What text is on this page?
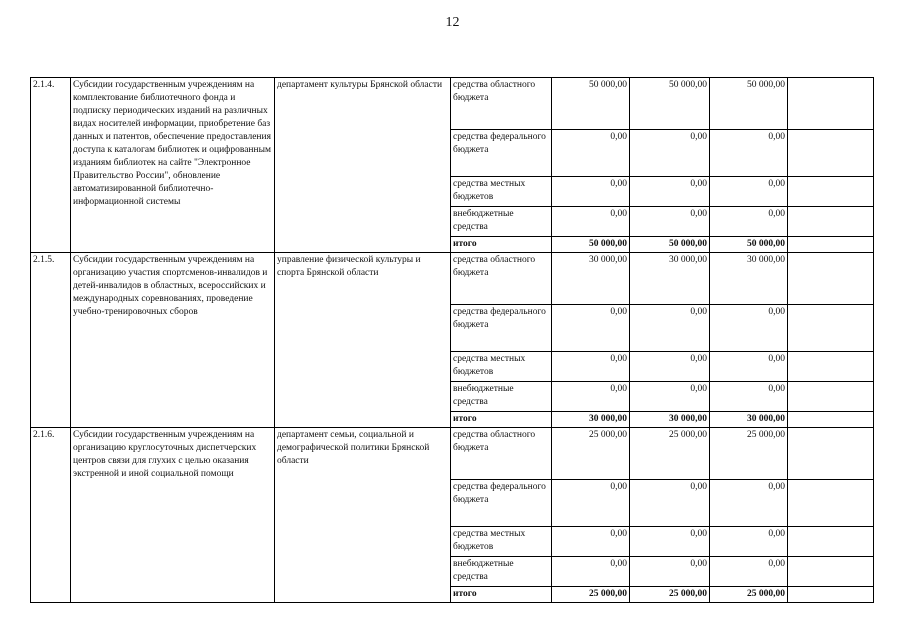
12
2.1.4.	Субсидии государственным учреждениям на комплектование библиотечного фонда и подписку периодических изданий на различных видах носителей информации, приобретение баз данных и патентов, обеспечение предоставления доступа к каталогам библиотек и оцифрованным изданиям библиотек на сайте "Электронное Правительство России", обновление автоматизированной библиотечно-информационной системы	департамент культуры Брянской области	средства областного бюджета	50 000,00	50 000,00	50 000,00	
			средства федерального бюджета	0,00	0,00	0,00	
			средства местных бюджетов	0,00	0,00	0,00	
			внебюджетные средства	0,00	0,00	0,00	
			итого	50 000,00	50 000,00	50 000,00	
2.1.5.	Субсидии государственным учреждениям на организацию участия спортсменов-инвалидов и детей-инвалидов в областных, всероссийских и международных соревнованиях, проведение учебно-тренировочных сборов	управление физической культуры и спорта Брянской области	средства областного бюджета	30 000,00	30 000,00	30 000,00	
			средства федерального бюджета	0,00	0,00	0,00	
			средства местных бюджетов	0,00	0,00	0,00	
			внебюджетные средства	0,00	0,00	0,00	
			итого	30 000,00	30 000,00	30 000,00	
2.1.6.	Субсидии государственным учреждениям на организацию круглосуточных диспетчерских центров связи для глухих с целью оказания экстренной и иной социальной помощи	департамент семьи, социальной и демографической политики Брянской области	средства областного бюджета	25 000,00	25 000,00	25 000,00	
			средства федерального бюджета	0,00	0,00	0,00	
			средства местных бюджетов	0,00	0,00	0,00	
			внебюджетные средства	0,00	0,00	0,00	
			итого	25 000,00	25 000,00	25 000,00	
